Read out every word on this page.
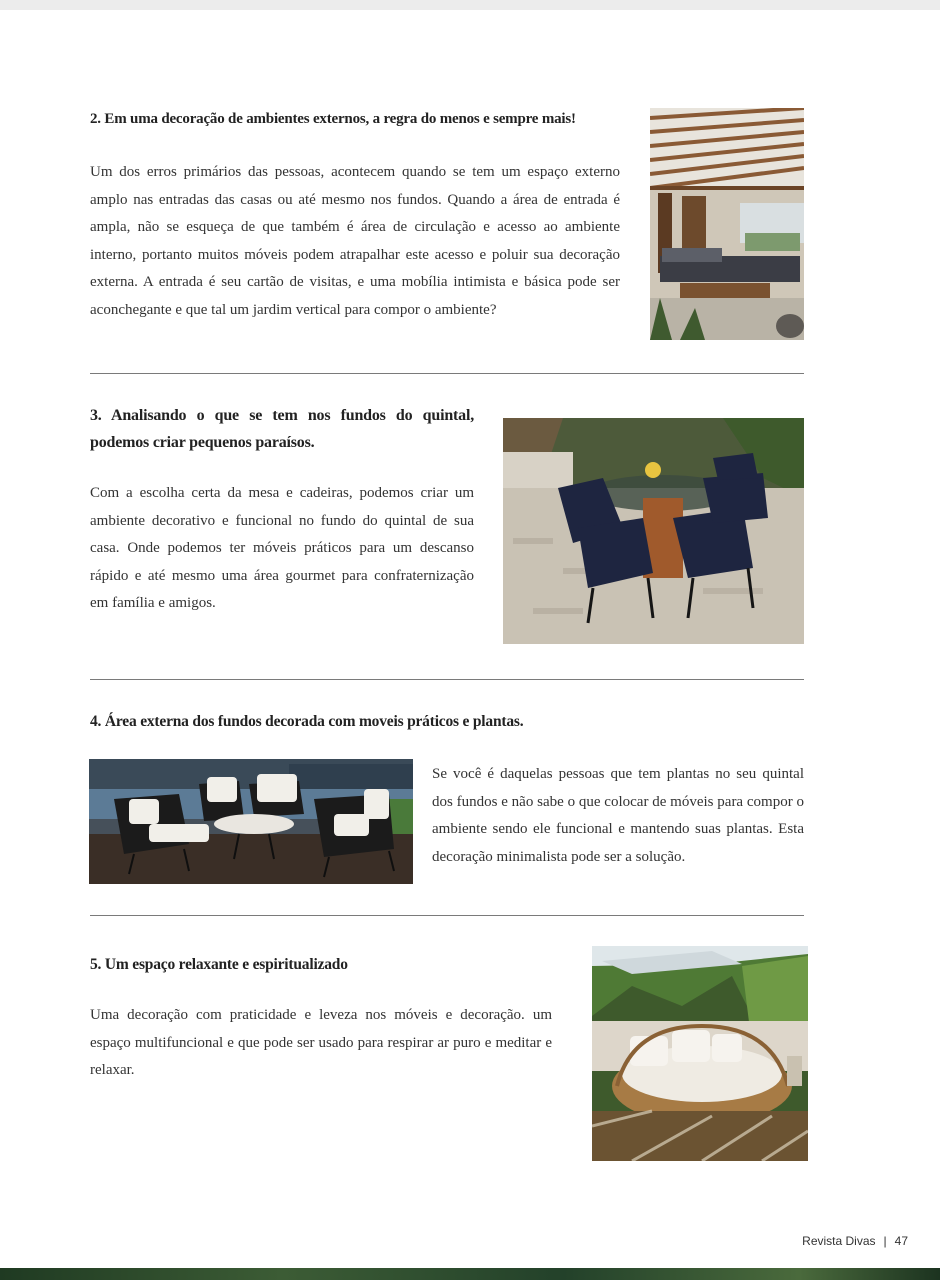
2. Em uma decoração de ambientes externos, a regra do menos e sempre mais!

Um dos erros primários das pessoas, acontecem quando se tem um espaço externo amplo nas entradas das casas ou até mesmo nos fundos. Quando a área de entrada é ampla, não se esqueça de que também é área de circulação e acesso ao ambiente interno, portanto muitos móveis podem atrapalhar este acesso e poluir sua decoração externa. A entrada é seu cartão de visitas, e uma mobília intimista e básica pode ser aconchegante e que tal um jardim vertical para compor o ambiente?

3. Analisando o que se tem nos fundos do quintal, podemos criar pequenos paraísos.

Com a escolha certa da mesa e cadeiras, podemos criar um ambiente decorativo e funcional no fundo do quintal de sua casa. Onde podemos ter móveis práticos para um descanso rápido e até mesmo uma área gourmet para confraternização em família e amigos.

4. Área externa dos fundos decorada com moveis práticos e plantas.

Se você é daquelas pessoas que tem plantas no seu quintal dos fundos e não sabe o que colocar de móveis para compor o ambiente sendo ele funcional e mantendo suas plantas. Esta decoração minimalista pode ser a solução.

5. Um espaço relaxante e espiritualizado

Uma decoração com praticidade e leveza nos móveis e decoração. um espaço multifuncional e que pode ser usado para respirar ar puro e meditar e relaxar.

Revista Divas | 47
